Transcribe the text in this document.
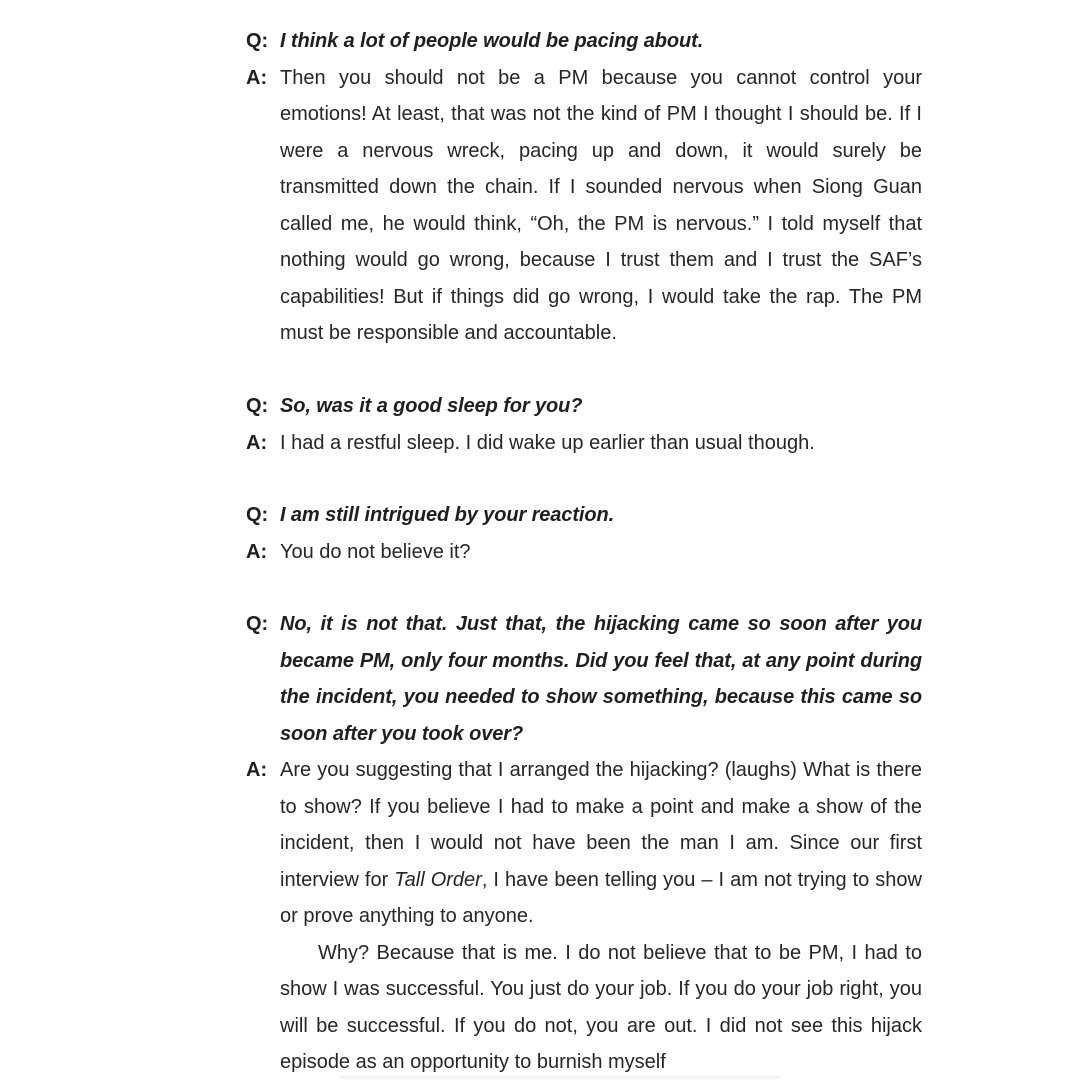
Q: I think a lot of people would be pacing about.
A: Then you should not be a PM because you cannot control your emotions! At least, that was not the kind of PM I thought I should be. If I were a nervous wreck, pacing up and down, it would surely be transmitted down the chain. If I sounded nervous when Siong Guan called me, he would think, “Oh, the PM is nervous.” I told myself that nothing would go wrong, because I trust them and I trust the SAF’s capabilities! But if things did go wrong, I would take the rap. The PM must be responsible and accountable.

Q: So, was it a good sleep for you?
A: I had a restful sleep. I did wake up earlier than usual though.

Q: I am still intrigued by your reaction.
A: You do not believe it?

Q: No, it is not that. Just that, the hijacking came so soon after you became PM, only four months. Did you feel that, at any point during the incident, you needed to show something, because this came so soon after you took over?
A: Are you suggesting that I arranged the hijacking? (laughs) What is there to show? If you believe I had to make a point and make a show of the incident, then I would not have been the man I am. Since our first interview for Tall Order, I have been telling you – I am not trying to show or prove anything to anyone.

Why? Because that is me. I do not believe that to be PM, I had to show I was successful. You just do your job. If you do your job right, you will be successful. If you do not, you are out. I did not see this hijack episode as an opportunity to burnish myself
